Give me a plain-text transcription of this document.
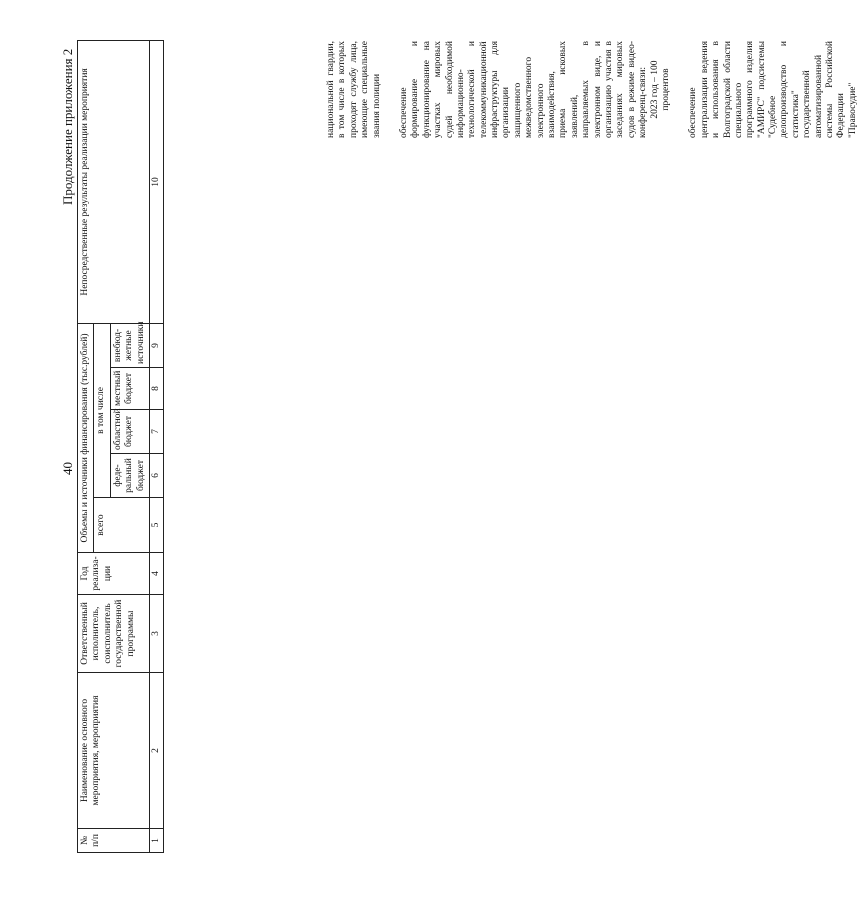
40
Продолжение приложения 2
№ п/п	Наименование основного мероприятия, мероприятия	Ответственный исполнитель, соисполнитель государственной программы	Год реализа-ции	Объемы и источники финансирования (тыс.рублей)					Непосредственные результаты реализации мероприятия
				всего	в том числе				
					феде-ральный бюджет	областной бюджет	местный бюджет	внебюд-жетные источники	
1	2	3	4	5	6	7	8	9	10

национальной гвардии, в том числе в которых проходят службу лица, имеющие специальные звания полиции обеспечение формирование и функционирование на участках мировых судей необходимой информационно-технологической и телекоммуникационной инфраструктуры для организации защищенного межведомственного электронного взаимодействия, приема исковых заявлений, направляемых в электронном виде, и организацию участия в заседаниях мировых судов в режиме видео-конференц-связи: 2023 год – 100 процентов обеспечение централизации ведения и использования в Волгоградской области специального программного изделия "АМИРС" подсистемы "Судебное делопроизводство и статистика" государственной автоматизированной системы Российской Федерации "Правосудие"
